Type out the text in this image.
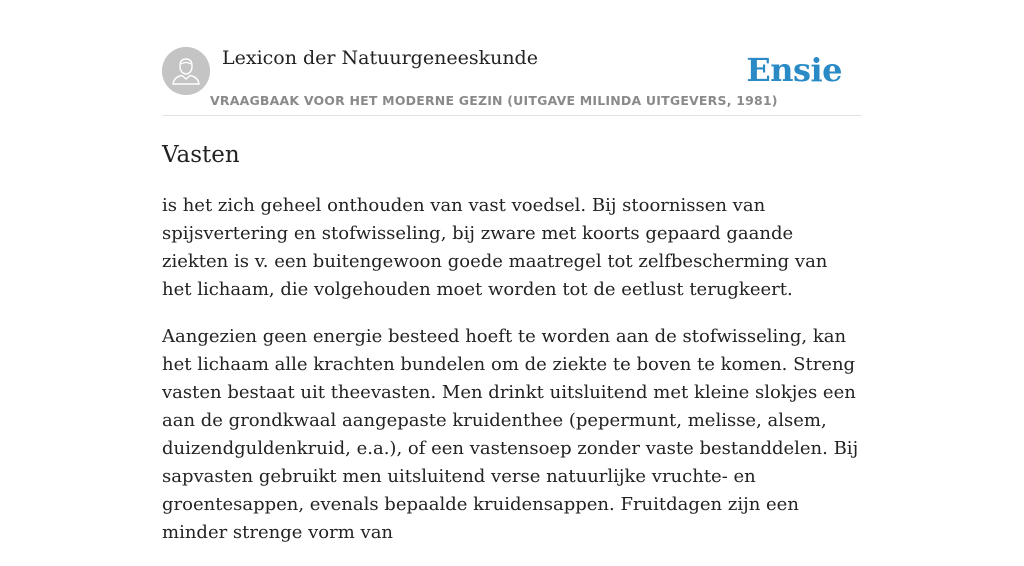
Lexicon der Natuurgeneeskunde
VRAAGBAAK VOOR HET MODERNE GEZIN (UITGAVE MILINDA UITGEVERS, 1981)
Ensie
Vasten

is het zich geheel onthouden van vast voedsel. Bij stoornissen van spijsvertering en stofwisseling, bij zware met koorts gepaard gaande ziekten is v. een buitengewoon goede maatregel tot zelfbescherming van het lichaam, die volgehouden moet worden tot de eetlust terugkeert.

Aangezien geen energie besteed hoeft te worden aan de stofwisseling, kan het lichaam alle krachten bundelen om de ziekte te boven te komen. Streng vasten bestaat uit theevasten. Men drinkt uitsluitend met kleine slokjes een aan de grondkwaal aangepaste kruidenthee (pepermunt, melisse, alsem, duizendguldenkruid, e.a.), of een vastensoep zonder vaste bestanddelen. Bij sapvasten gebruikt men uitsluitend verse natuurlijke vruchte- en groentesappen, evenals bepaalde kruidensappen. Fruitdagen zijn een minder strenge vorm van
